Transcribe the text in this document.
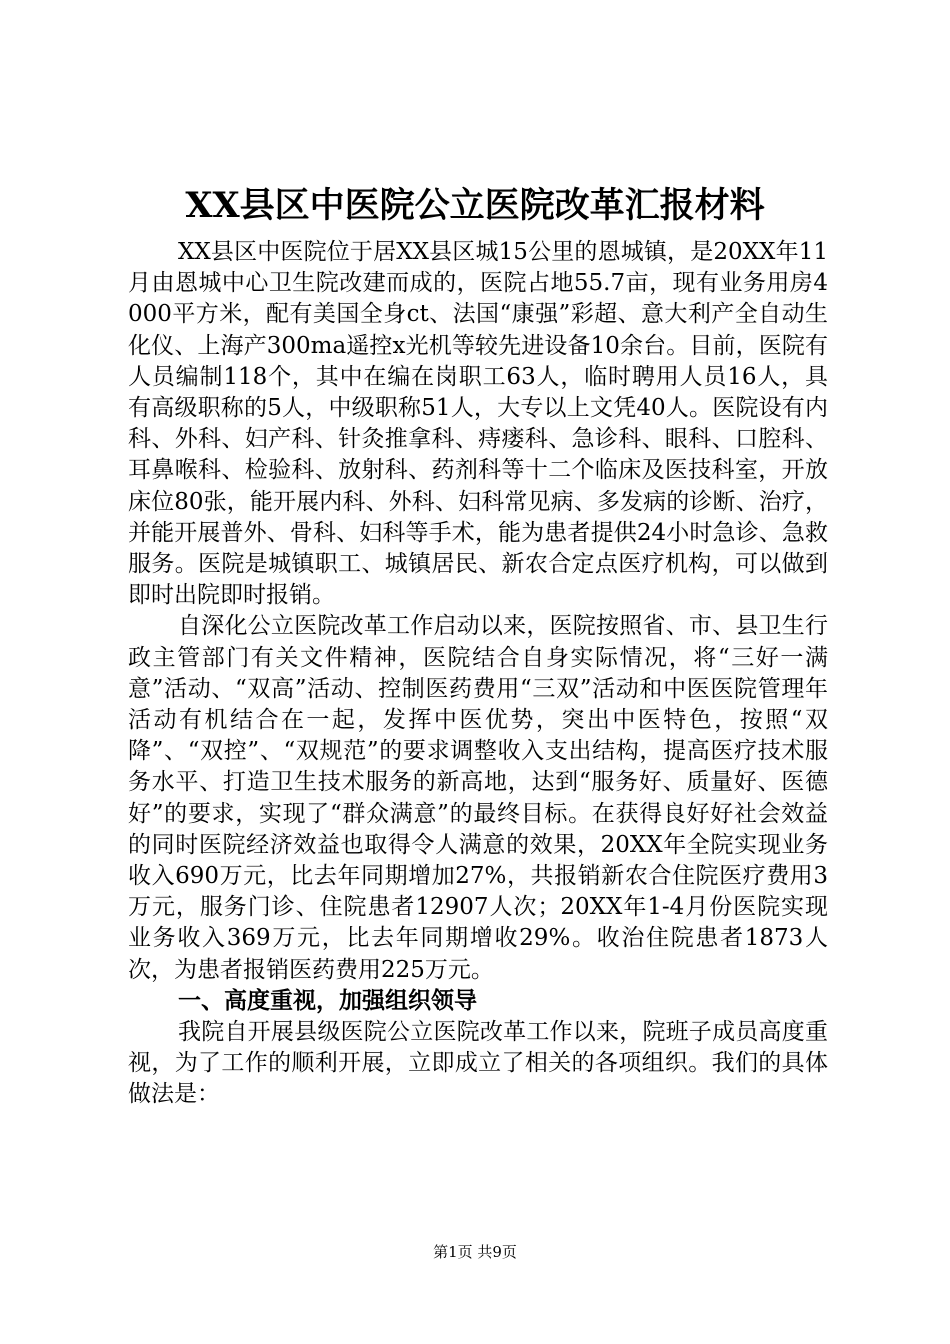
XX县区中医院公立医院改革汇报材料

XX县区中医院位于居XX县区城15公里的恩城镇，是20XX年11月由恩城中心卫生院改建而成的，医院占地55.7亩，现有业务用房4000平方米，配有美国全身ct、法国“康强”彩超、意大利产全自动生化仪、上海产300ma遥控x光机等较先进设备10余台。目前，医院有人员编制118个，其中在编在岗职工63人，临时聘用人员16人，具有高级职称的5人，中级职称51人，大专以上文凭40人。医院设有内科、外科、妇产科、针灸推拿科、痔瘘科、急诊科、眼科、口腔科、耳鼻喉科、检验科、放射科、药剂科等十二个临床及医技科室，开放床位80张，能开展内科、外科、妇科常见病、多发病的诊断、治疗，并能开展普外、骨科、妇科等手术，能为患者提供24小时急诊、急救服务。医院是城镇职工、城镇居民、新农合定点医疗机构，可以做到即时出院即时报销。

自深化公立医院改革工作启动以来，医院按照省、市、县卫生行政主管部门有关文件精神，医院结合自身实际情况，将“三好一满意”活动、“双高”活动、控制医药费用“三双”活动和中医医院管理年活动有机结合在一起，发挥中医优势，突出中医特色，按照“双降”、“双控”、“双规范”的要求调整收入支出结构，提高医疗技术服务水平、打造卫生技术服务的新高地，达到“服务好、质量好、医德好”的要求，实现了“群众满意”的最终目标。在获得良好好社会效益的同时医院经济效益也取得令人满意的效果，20XX年全院实现业务收入690万元，比去年同期增加27%，共报销新农合住院医疗费用3万元，服务门诊、住院患者12907人次；20XX年1-4月份医院实现业务收入369万元，比去年同期增收29%。收治住院患者1873人次，为患者报销医药费用225万元。

一、高度重视，加强组织领导

我院自开展县级医院公立医院改革工作以来，院班子成员高度重视，为了工作的顺利开展，立即成立了相关的各项组织。我们的具体做法是：

第1页 共9页
